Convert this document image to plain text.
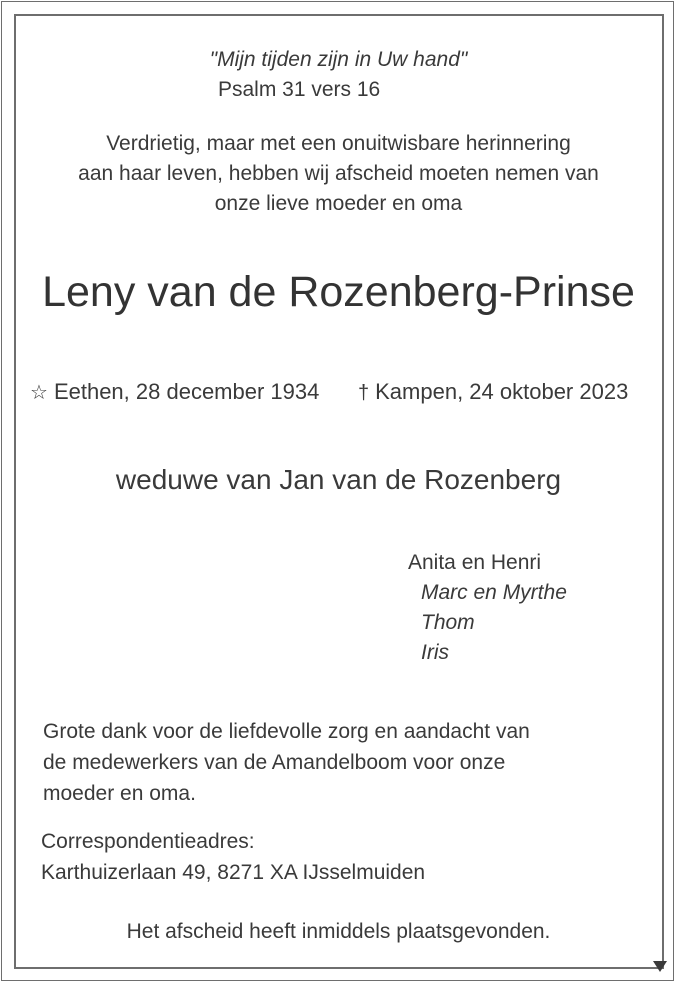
"Mijn tijden zijn in Uw hand"

Psalm 31 vers 16

Verdrietig, maar met een onuitwisbare herinnering
aan haar leven, hebben wij afscheid moeten nemen van
onze lieve moeder en oma

Leny van de Rozenberg-Prinse

☆ Eethen, 28 december 1934 † Kampen, 24 oktober 2023

weduwe van Jan van de Rozenberg

Anita en Henri
Marc en Myrthe
Thom
Iris
Grote dank voor de liefdevolle zorg en aandacht van
de medewerkers van de Amandelboom voor onze
moeder en oma.
Correspondentieadres:
Karthuizerlaan 49, 8271 XA IJsselmuiden

Het afscheid heeft inmiddels plaatsgevonden.
